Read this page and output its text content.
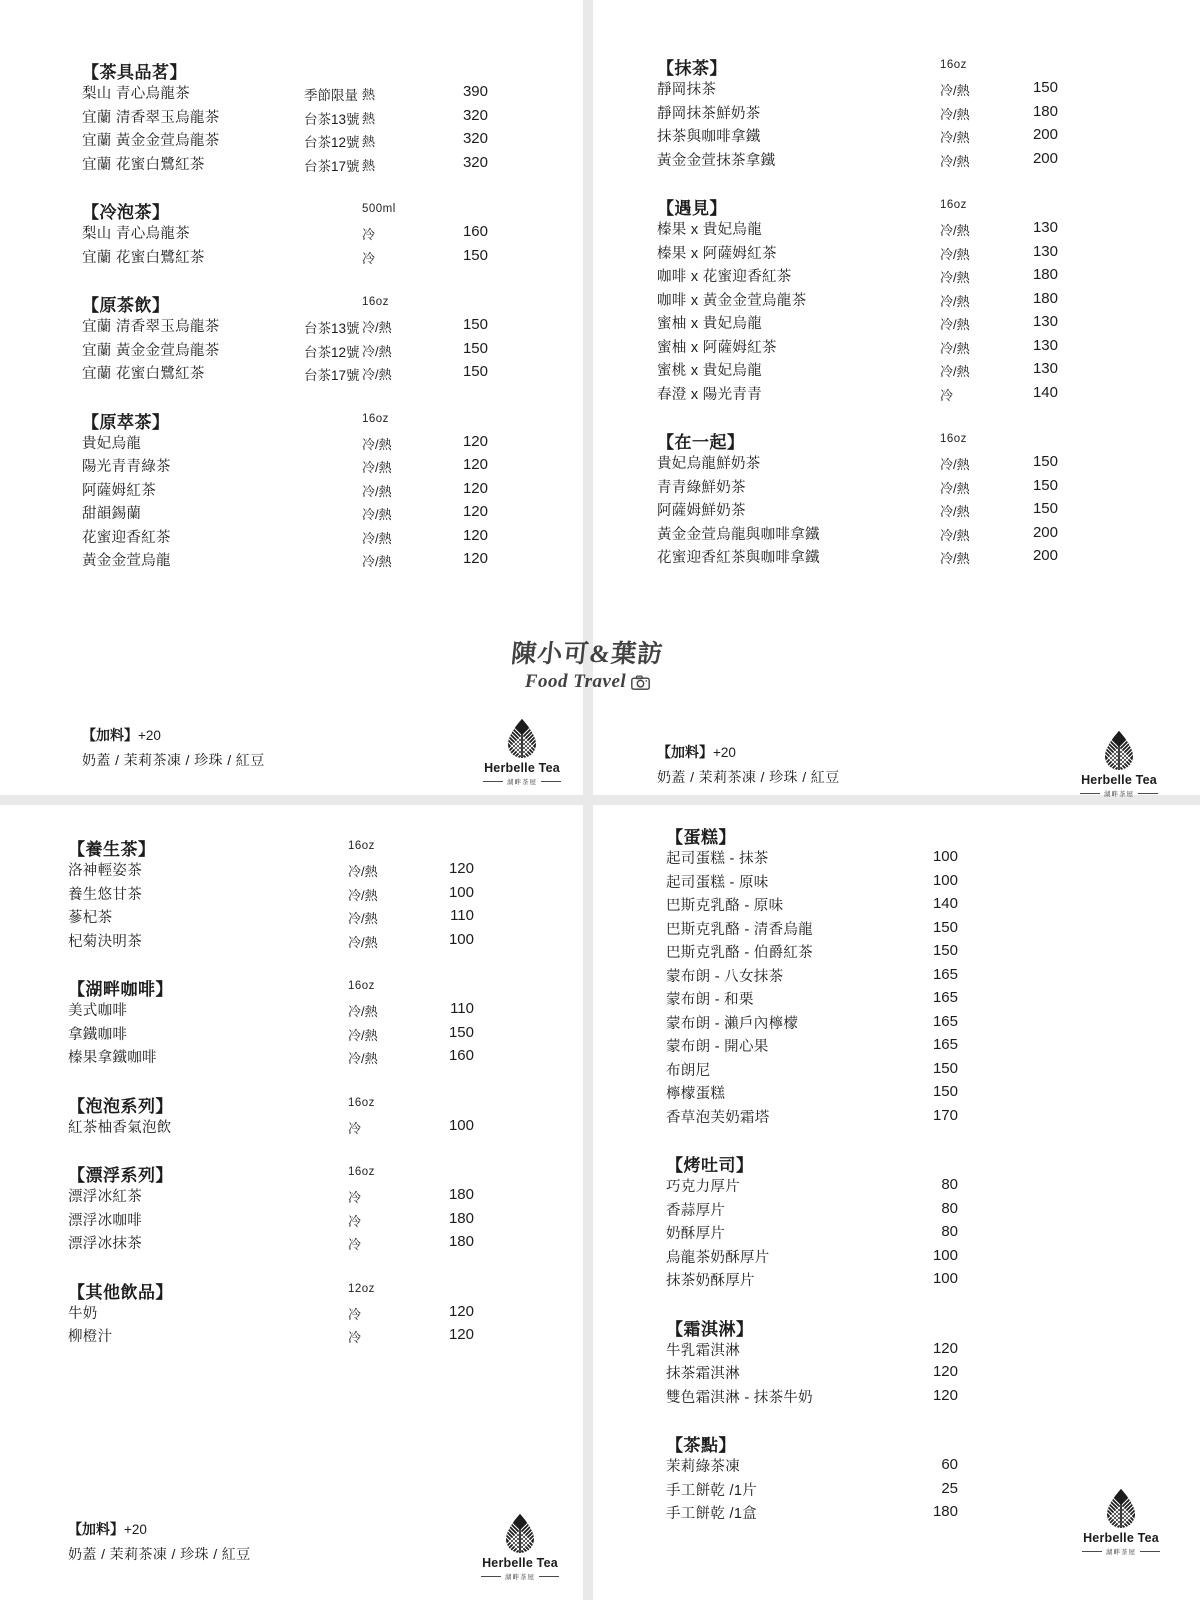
【茶具品茗】
梨山 青心烏龍茶	季節限量 熱	390
宜蘭 清香翠玉烏龍茶	台茶13號 熱	320
宜蘭 黃金金萱烏龍茶	台茶12號 熱	320
宜蘭 花蜜白鷺紅茶	台茶17號 熱	320
【冷泡茶】	500ml
梨山 青心烏龍茶	冷	160
宜蘭 花蜜白鷺紅茶	冷	150
【原茶飲】	16oz
宜蘭 清香翠玉烏龍茶	台茶13號 冷/熱	150
宜蘭 黃金金萱烏龍茶	台茶12號 冷/熱	150
宜蘭 花蜜白鷺紅茶	台茶17號 冷/熱	150
【原萃茶】	16oz
貴妃烏龍	冷/熱	120
陽光青青綠茶	冷/熱	120
阿薩姆紅茶	冷/熱	120
甜韻錫蘭	冷/熱	120
花蜜迎香紅茶	冷/熱	120
黃金金萱烏龍	冷/熱	120
【加料】+20
奶蓋 / 茉莉茶凍 / 珍珠 / 紅豆
Herbelle Tea
湖畔茶屋
【抹茶】	16oz
靜岡抹茶	冷/熱	150
靜岡抹茶鮮奶茶	冷/熱	180
抹茶與咖啡拿鐵	冷/熱	200
黃金金萱抹茶拿鐵	冷/熱	200
【遇見】	16oz
榛果 x 貴妃烏龍	冷/熱	130
榛果 x 阿薩姆紅茶	冷/熱	130
咖啡 x 花蜜迎香紅茶	冷/熱	180
咖啡 x 黃金金萱烏龍茶	冷/熱	180
蜜柚 x 貴妃烏龍	冷/熱	130
蜜柚 x 阿薩姆紅茶	冷/熱	130
蜜桃 x 貴妃烏龍	冷/熱	130
春澄 x 陽光青青	冷	140
【在一起】	16oz
貴妃烏龍鮮奶茶	冷/熱	150
青青綠鮮奶茶	冷/熱	150
阿薩姆鮮奶茶	冷/熱	150
黃金金萱烏龍與咖啡拿鐵	冷/熱	200
花蜜迎香紅茶與咖啡拿鐵	冷/熱	200
【加料】+20
奶蓋 / 茉莉茶凍 / 珍珠 / 紅豆	Herbelle Tea
湖畔茶屋
【養生茶】	16oz
洛神輕姿茶	冷/熱	120
養生悠甘茶	冷/熱	100
蔘杞茶	冷/熱	110
杞菊決明茶	冷/熱	100
【湖畔咖啡】	16oz
美式咖啡	冷/熱	110
拿鐵咖啡	冷/熱	150
榛果拿鐵咖啡	冷/熱	160
【泡泡系列】	16oz
紅茶柚香氣泡飲	冷	100
【漂浮系列】	16oz
漂浮冰紅茶	冷	180
漂浮冰咖啡	冷	180
漂浮冰抹茶	冷	180
【其他飲品】	12oz
牛奶	冷	120
柳橙汁	冷	120
【加料】+20
奶蓋 / 茉莉茶凍 / 珍珠 / 紅豆
Herbelle Tea
湖畔茶屋
【蛋糕】
起司蛋糕 - 抹茶	100
起司蛋糕 - 原味	100
巴斯克乳酪 - 原味	140
巴斯克乳酪 - 清香烏龍	150
巴斯克乳酪 - 伯爵紅茶	150
蒙布朗 - 八女抹茶	165
蒙布朗 - 和栗	165
蒙布朗 - 瀨戶內檸檬	165
蒙布朗 - 開心果	165
布朗尼	150
檸檬蛋糕	150
香草泡芙奶霜塔	170
【烤吐司】
巧克力厚片	80
香蒜厚片	80
奶酥厚片	80
烏龍茶奶酥厚片	100
抹茶奶酥厚片	100
【霜淇淋】
牛乳霜淇淋	120
抹茶霜淇淋	120
雙色霜淇淋 - 抹茶牛奶	120
【茶點】
茉莉綠茶凍	60
手工餅乾 /1片	25
手工餅乾 /1盒	180
Herbelle Tea
湖畔茶屋
陳小可&葉訪
Food Travel
